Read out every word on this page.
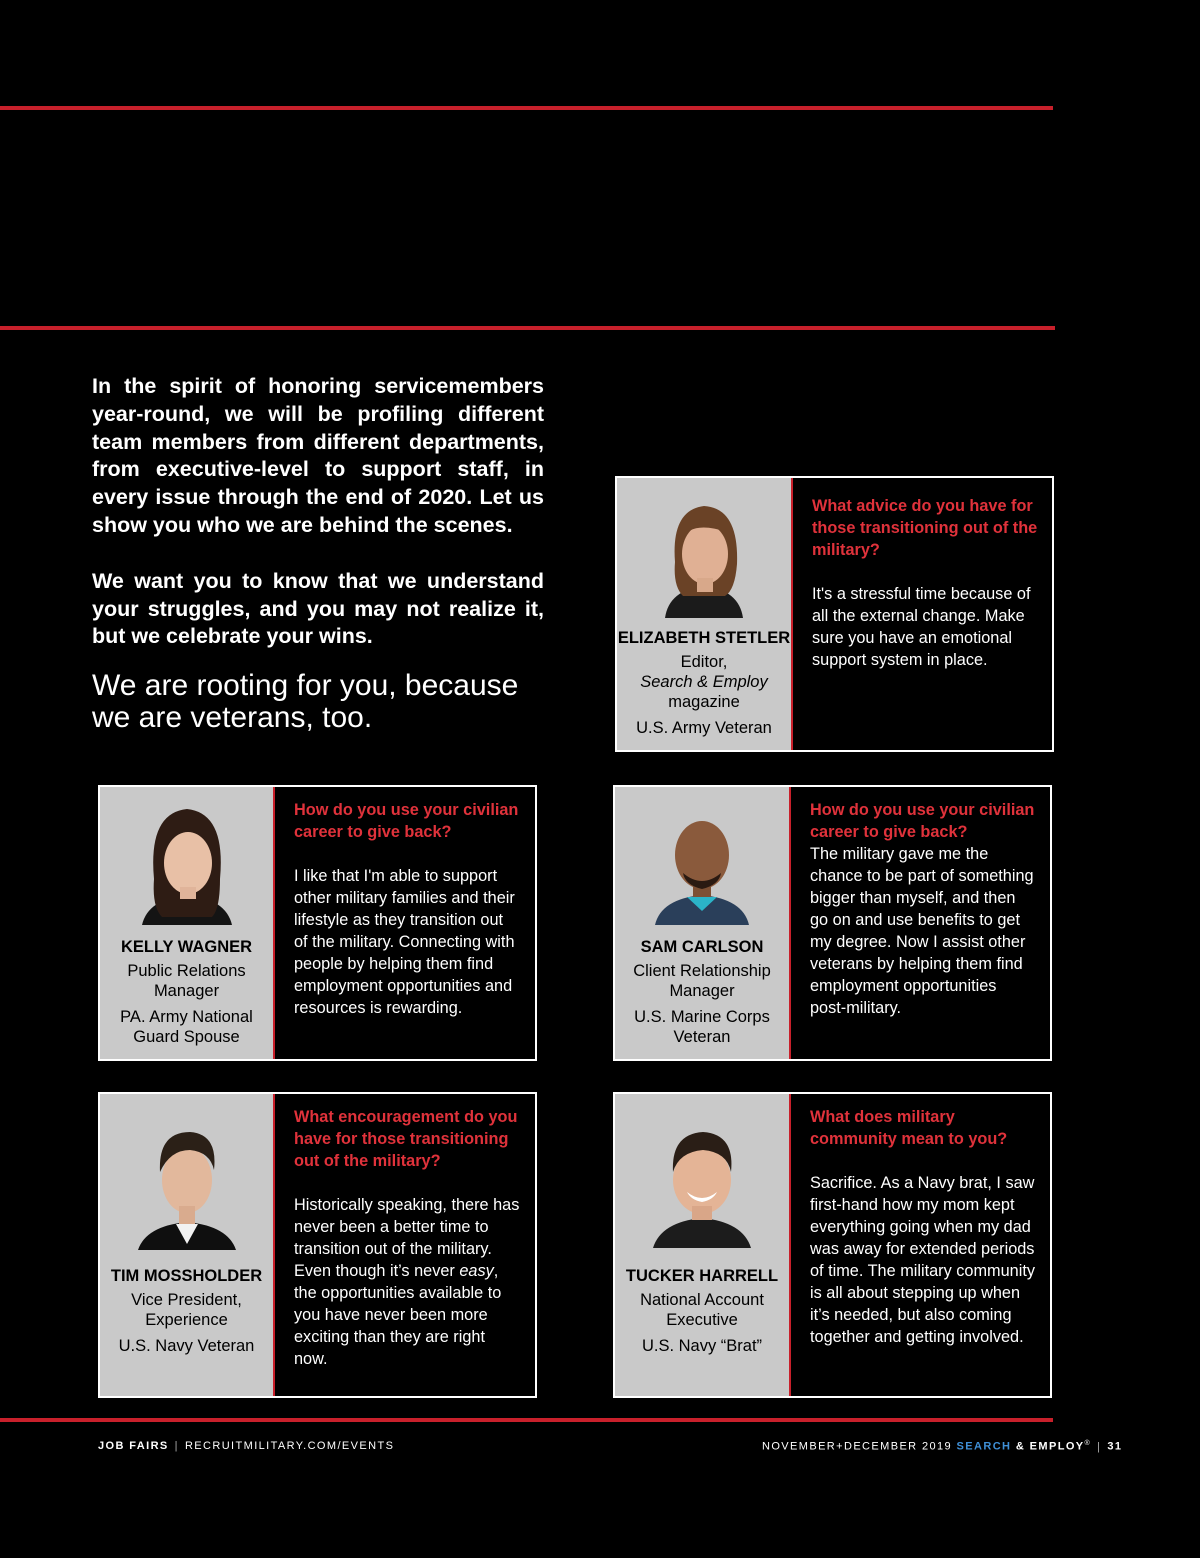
In the spirit of honoring servicemembers year-round, we will be profiling different team members from different departments, from executive-level to support staff, in every issue through the end of 2020. Let us show you who we are behind the scenes.

We want you to know that we understand your struggles, and you may not realize it, but we celebrate your wins.

We are rooting for you, because we are veterans, too.
ELIZABETH STETLER
Editor,
Search & Employ
magazine
U.S. Army Veteran
What advice do you have for those transitioning out of the military?
It's a stressful time because of all the external change. Make sure you have an emotional support system in place.
KELLY WAGNER
Public Relations Manager
PA. Army National Guard Spouse
How do you use your civilian career to give back?
I like that I'm able to support other military families and their lifestyle as they transition out of the military. Connecting with people by helping them find employment opportunities and resources is rewarding.
SAM CARLSON
Client Relationship Manager
U.S. Marine Corps Veteran
How do you use your civilian career to give back?
The military gave me the chance to be part of something bigger than myself, and then go on and use benefits to get my degree. Now I assist other veterans by helping them find employment opportunities post-military.
TIM MOSSHOLDER
Vice President, Experience
U.S. Navy Veteran
What encouragement do you have for those transitioning out of the military?
Historically speaking, there has never been a better time to transition out of the military. Even though it’s never easy, the opportunities available to you have never been more exciting than they are right now.
TUCKER HARRELL
National Account Executive
U.S. Navy “Brat”
What does military community mean to you?
Sacrifice. As a Navy brat, I saw first-hand how my mom kept everything going when my dad was away for extended periods of time. The military community is all about stepping up when it’s needed, but also coming together and getting involved.
JOB FAIRS | RECRUITMILITARY.COM/EVENTS	NOVEMBER+DECEMBER 2019 SEARCH & EMPLOY® | 31
